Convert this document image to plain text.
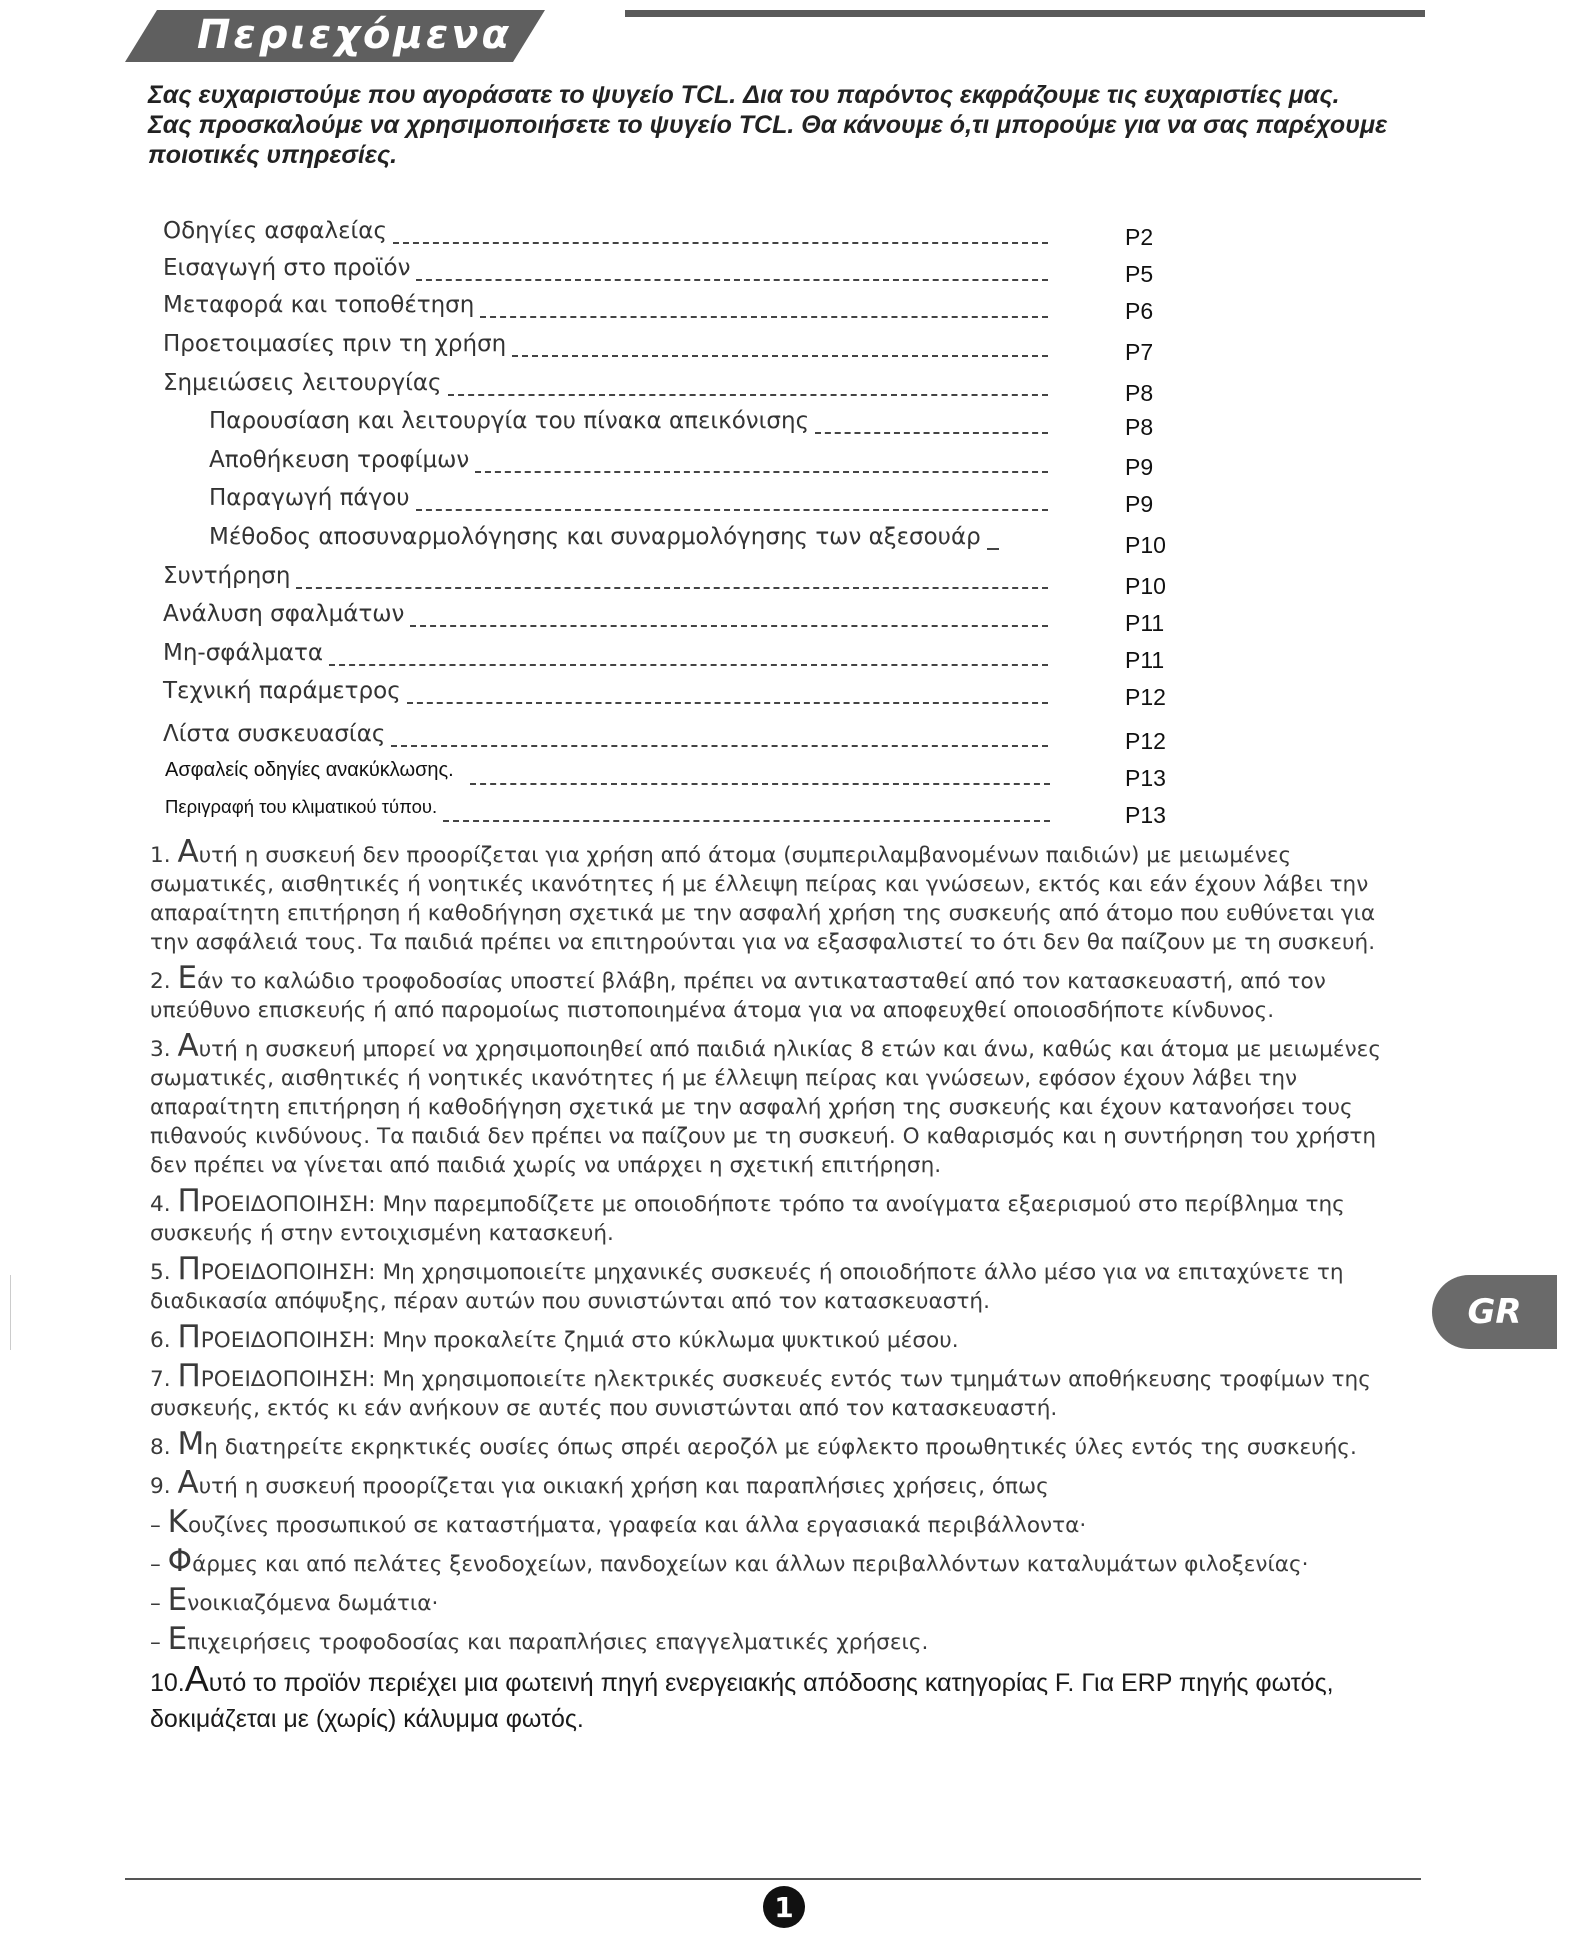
Περιεχόμενα

Σας ευχαριστούμε που αγοράσατε το ψυγείο TCL. Δια του παρόντος εκφράζουμε τις ευχαριστίες μας.

Σας προσκαλούμε να χρησιμοποιήσετε το ψυγείο TCL. Θα κάνουμε ό,τι μπορούμε για να σας παρέχουμε ποιοτικές υπηρεσίες.

Οδηγίες ασφαλείας	P2
Εισαγωγή στο προϊόν	P5
Μεταφορά και τοποθέτηση	P6
Προετοιμασίες πριν τη χρήση	P7
Σημειώσεις λειτουργίας	P8
Παρουσίαση και λειτουργία του πίνακα απεικόνισης	P8
Αποθήκευση τροφίμων	P9
Παραγωγή πάγου	P9
Μέθοδος αποσυναρμολόγησης και συναρμολόγησης των αξεσουάρ	P10
Συντήρηση	P10
Ανάλυση σφαλμάτων	P11
Μη-σφάλματα	P11
Τεχνική παράμετρος	P12
Λίστα συσκευασίας	P12
Ασφαλείς οδηγίες ανακύκλωσης.	P13
Περιγραφή του κλιματικού τύπου.	P13

1. Αυτή η συσκευή δεν προορίζεται για χρήση από άτομα (συμπεριλαμβανομένων παιδιών) με μειωμένες σωματικές, αισθητικές ή νοητικές ικανότητες ή με έλλειψη πείρας και γνώσεων, εκτός και εάν έχουν λάβει την απαραίτητη επιτήρηση ή καθοδήγηση σχετικά με την ασφαλή χρήση της συσκευής από άτομο που ευθύνεται για την ασφάλειά τους. Τα παιδιά πρέπει να επιτηρούνται για να εξασφαλιστεί το ότι δεν θα παίζουν με τη συσκευή.

2. Εάν το καλώδιο τροφοδοσίας υποστεί βλάβη, πρέπει να αντικατασταθεί από τον κατασκευαστή, από τον υπεύθυνο επισκευής ή από παρομοίως πιστοποιημένα άτομα για να αποφευχθεί οποιοσδήποτε κίνδυνος.

3. Αυτή η συσκευή μπορεί να χρησιμοποιηθεί από παιδιά ηλικίας 8 ετών και άνω, καθώς και άτομα με μειωμένες σωματικές, αισθητικές ή νοητικές ικανότητες ή με έλλειψη πείρας και γνώσεων, εφόσον έχουν λάβει την απαραίτητη επιτήρηση ή καθοδήγηση σχετικά με την ασφαλή χρήση της συσκευής και έχουν κατανοήσει τους πιθανούς κινδύνους. Τα παιδιά δεν πρέπει να παίζουν με τη συσκευή. Ο καθαρισμός και η συντήρηση του χρήστη δεν πρέπει να γίνεται από παιδιά χωρίς να υπάρχει η σχετική επιτήρηση.

4. ΠΡΟΕΙΔΟΠΟΙΗΣΗ: Μην παρεμποδίζετε με οποιοδήποτε τρόπο τα ανοίγματα εξαερισμού στο περίβλημα της συσκευής ή στην εντοιχισμένη κατασκευή.

5. ΠΡΟΕΙΔΟΠΟΙΗΣΗ: Μη χρησιμοποιείτε μηχανικές συσκευές ή οποιοδήποτε άλλο μέσο για να επιταχύνετε τη διαδικασία απόψυξης, πέραν αυτών που συνιστώνται από τον κατασκευαστή.

6. ΠΡΟΕΙΔΟΠΟΙΗΣΗ: Μην προκαλείτε ζημιά στο κύκλωμα ψυκτικού μέσου.

7. ΠΡΟΕΙΔΟΠΟΙΗΣΗ: Μη χρησιμοποιείτε ηλεκτρικές συσκευές εντός των τμημάτων αποθήκευσης τροφίμων της συσκευής, εκτός κι εάν ανήκουν σε αυτές που συνιστώνται από τον κατασκευαστή.

8. Μη διατηρείτε εκρηκτικές ουσίες όπως σπρέι αεροζόλ με εύφλεκτο προωθητικές ύλες εντός της συσκευής.

9. Αυτή η συσκευή προορίζεται για οικιακή χρήση και παραπλήσιες χρήσεις, όπως

– Κουζίνες προσωπικού σε καταστήματα, γραφεία και άλλα εργασιακά περιβάλλοντα·

– Φάρμες και από πελάτες ξενοδοχείων, πανδοχείων και άλλων περιβαλλόντων καταλυμάτων φιλοξενίας·

– Ενοικιαζόμενα δωμάτια·

– Επιχειρήσεις τροφοδοσίας και παραπλήσιες επαγγελματικές χρήσεις.

10.Αυτό το προϊόν περιέχει μια φωτεινή πηγή ενεργειακής απόδοσης κατηγορίας F. Για ERP πηγής φωτός, δοκιμάζεται με (χωρίς) κάλυμμα φωτός.

GR
1
